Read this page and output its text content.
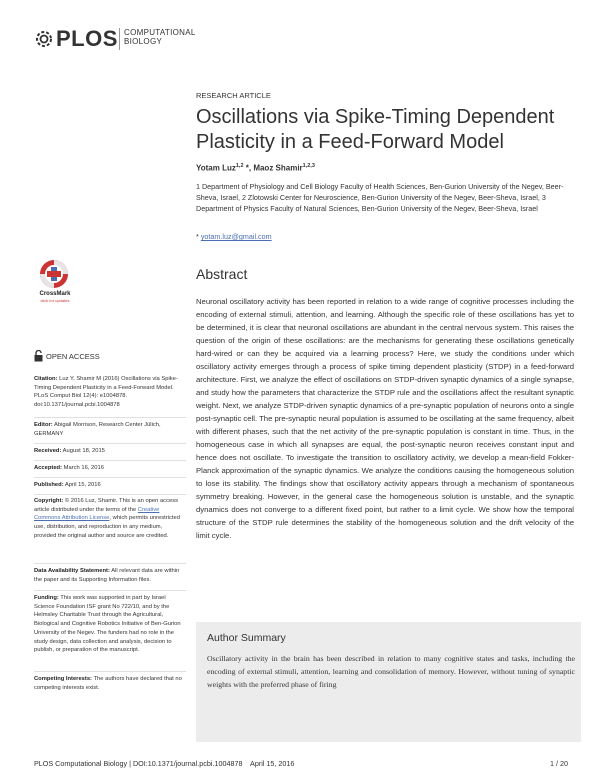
PLOS COMPUTATIONAL
BIOLOGY
RESEARCH ARTICLE
Oscillations via Spike-Timing Dependent
Plasticity in a Feed-Forward Model
Yotam Luz$^{1,2}$ *, Maoz Shamir$^{1,2,3}$
1 Department of Physiology and Cell Biology Faculty of Health Sciences, Ben-Gurion University of the Negev, Beer-Sheva, Israel, 2 Zlotowski Center for Neuroscience, Ben-Gurion University of the Negev, Beer-Sheva, Israel, 3 Department of Physics Faculty of Natural Sciences, Ben-Gurion University of the Negev, Beer-Sheva, Israel
* yotam.luz@gmail.com
CrossMark
click for updates
OPEN ACCESS
Citation: Luz Y, Shamir M (2016) Oscillations via Spike-Timing Dependent Plasticity in a Feed-Forward Model. PLoS Comput Biol 12(4): e1004878. doi:10.1371/journal.pcbi.1004878
Editor: Abigail Morrison, Research Center Jülich, GERMANY
Received: August 18, 2015
Accepted: March 16, 2016
Published: April 15, 2016
Copyright: © 2016 Luz, Shamir. This is an open access article distributed under the terms of the Creative Commons Attribution License, which permits unrestricted use, distribution, and reproduction in any medium, provided the original author and source are credited.
Data Availability Statement: All relevant data are within the paper and its Supporting Information files.
Funding: This work was supported in part by Israel Science Foundation ISF grant No 722/10, and by the Helmsley Charitable Trust through the Agricultural, Biological and Cognitive Robotics Initiative of Ben-Gurion University of the Negev. The funders had no role in the study design, data collection and analysis, decision to publish, or preparation of the manuscript.
Competing Interests: The authors have declared that no competing interests exist.
Abstract
Neuronal oscillatory activity has been reported in relation to a wide range of cognitive processes including the encoding of external stimuli, attention, and learning. Although the specific role of these oscillations has yet to be determined, it is clear that neuronal oscillations are abundant in the central nervous system. This raises the question of the origin of these oscillations: are the mechanisms for generating these oscillations genetically hard-wired or can they be acquired via a learning process? Here, we study the conditions under which oscillatory activity emerges through a process of spike timing dependent plasticity (STDP) in a feed-forward architecture. First, we analyze the effect of oscillations on STDP-driven synaptic dynamics of a single synapse, and study how the parameters that characterize the STDP rule and the oscillations affect the resultant synaptic weight. Next, we analyze STDP-driven synaptic dynamics of a pre-synaptic population of neurons onto a single post-synaptic cell. The pre-synaptic neural population is assumed to be oscillating at the same frequency, albeit with different phases, such that the net activity of the pre-synaptic population is constant in time. Thus, in the homogeneous case in which all synapses are equal, the post-synaptic neuron receives constant input and hence does not oscillate. To investigate the transition to oscillatory activity, we develop a mean-field Fokker-Planck approximation of the synaptic dynamics. We analyze the conditions causing the homogeneous solution to lose its stability. The findings show that oscillatory activity appears through a mechanism of spontaneous symmetry breaking. However, in the general case the homogeneous solution is unstable, and the synaptic dynamics does not converge to a different fixed point, but rather to a limit cycle. We show how the temporal structure of the STDP rule determines the stability of the homogeneous solution and the drift velocity of the limit cycle.
Author Summary
Oscillatory activity in the brain has been described in relation to many cognitive states and tasks, including the encoding of external stimuli, attention, learning and consolidation of memory. However, without tuning of synaptic weights with the preferred phase of firing
PLOS Computational Biology | DOI:10.1371/journal.pcbi.1004878    April 15, 2016	1 / 20
